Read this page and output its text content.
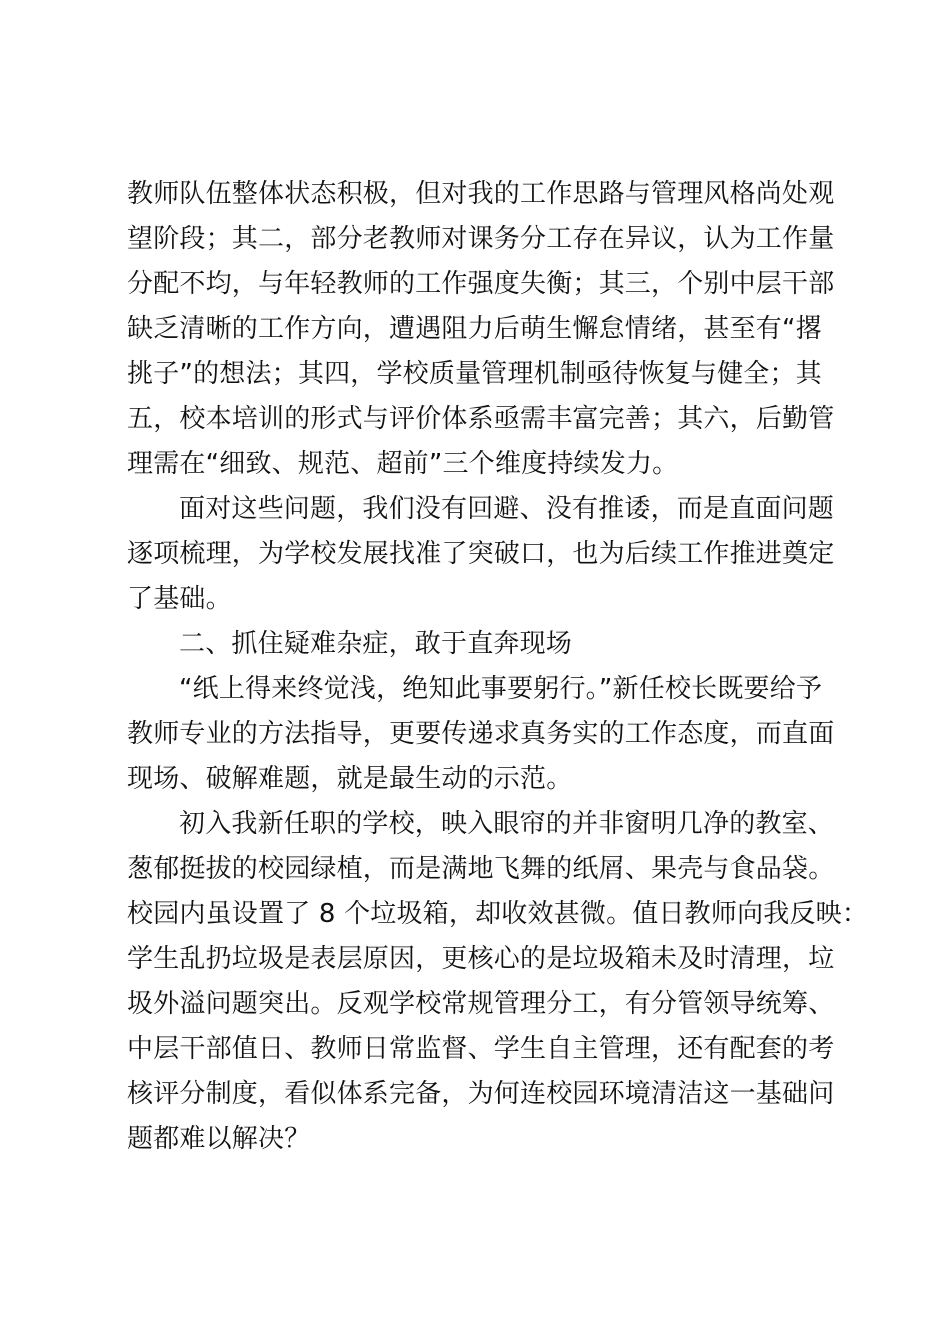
教师队伍整体状态积极，但对我的工作思路与管理风格尚处观
望阶段；其二，部分老教师对课务分工存在异议，认为工作量
分配不均，与年轻教师的工作强度失衡；其三，个别中层干部
缺乏清晰的工作方向，遭遇阻力后萌生懈怠情绪，甚至有“撂
挑子”的想法；其四，学校质量管理机制亟待恢复与健全；其
五，校本培训的形式与评价体系亟需丰富完善；其六，后勤管
理需在“细致、规范、超前”三个维度持续发力。
面对这些问题，我们没有回避、没有推诿，而是直面问题
逐项梳理，为学校发展找准了突破口，也为后续工作推进奠定
了基础。
二、抓住疑难杂症，敢于直奔现场
“纸上得来终觉浅，绝知此事要躬行。”新任校长既要给予
教师专业的方法指导，更要传递求真务实的工作态度，而直面
现场、破解难题，就是最生动的示范。
初入我新任职的学校，映入眼帘的并非窗明几净的教室、
葱郁挺拔的校园绿植，而是满地飞舞的纸屑、果壳与食品袋。
校园内虽设置了 8 个垃圾箱，却收效甚微。值日教师向我反映：
学生乱扔垃圾是表层原因，更核心的是垃圾箱未及时清理，垃
圾外溢问题突出。反观学校常规管理分工，有分管领导统筹、
中层干部值日、教师日常监督、学生自主管理，还有配套的考
核评分制度，看似体系完备，为何连校园环境清洁这一基础问
题都难以解决？
